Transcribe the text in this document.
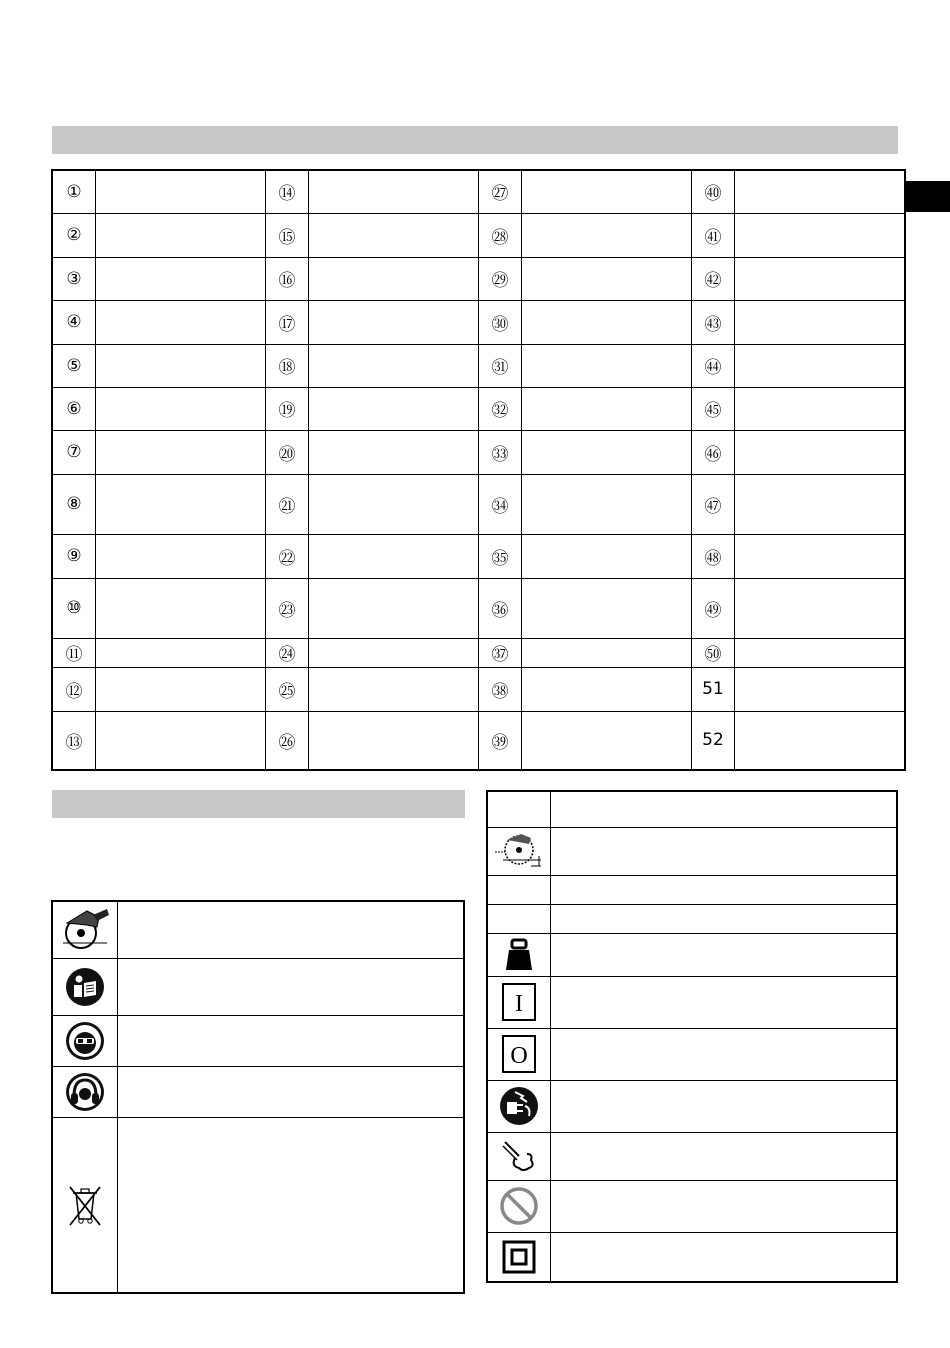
①		⑭		㉗		㊵	
②		⑮		㉘		㊶	
③		⑯		㉙		㊷	
④		⑰		㉚		㊸	
⑤		⑱		㉛		㊹	
⑥		⑲		㉜		㊺	
⑦		⑳		㉝		㊻	
⑧		㉑		㉞		㊼	
⑨		㉒		㉟		㊽	
⑩		㉓		㊱		㊾	
⑪		㉔		㊲		㊿	
⑫		㉕		㊳		51	
⑬		㉖		㊴		52	

I	

O	
